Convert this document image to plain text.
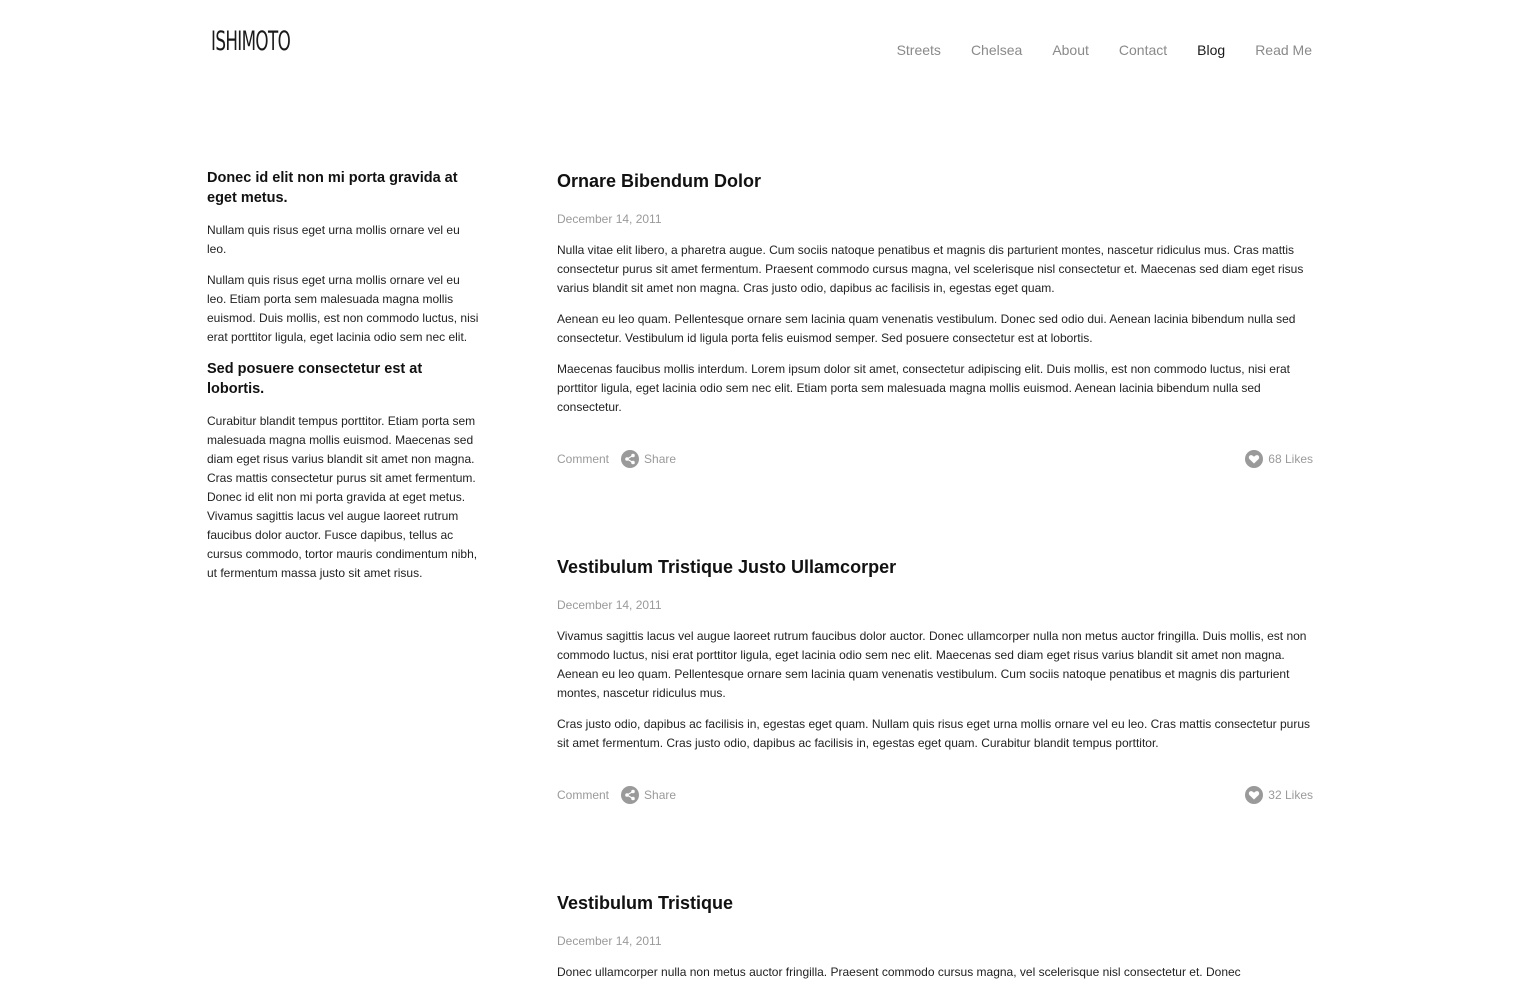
ISHIMOTO	Streets Chelsea About Contact Blog Read Me
Donec id elit non mi porta gravida at eget metus.

Nullam quis risus eget urna mollis ornare vel eu leo.

Nullam quis risus eget urna mollis ornare vel eu leo. Etiam porta sem malesuada magna mollis euismod. Duis mollis, est non commodo luctus, nisi erat porttitor ligula, eget lacinia odio sem nec elit.

Sed posuere consectetur est at lobortis.

Curabitur blandit tempus porttitor. Etiam porta sem malesuada magna mollis euismod. Maecenas sed diam eget risus varius blandit sit amet non magna. Cras mattis consectetur purus sit amet fermentum. Donec id elit non mi porta gravida at eget metus. Vivamus sagittis lacus vel augue laoreet rutrum faucibus dolor auctor. Fusce dapibus, tellus ac cursus commodo, tortor mauris condimentum nibh, ut fermentum massa justo sit amet risus.

Ornare Bibendum Dolor
December 14, 2011

Nulla vitae elit libero, a pharetra augue. Cum sociis natoque penatibus et magnis dis parturient montes, nascetur ridiculus mus. Cras mattis consectetur purus sit amet fermentum. Praesent commodo cursus magna, vel scelerisque nisl consectetur et. Maecenas sed diam eget risus varius blandit sit amet non magna. Cras justo odio, dapibus ac facilisis in, egestas eget quam.

Aenean eu leo quam. Pellentesque ornare sem lacinia quam venenatis vestibulum. Donec sed odio dui. Aenean lacinia bibendum nulla sed consectetur. Vestibulum id ligula porta felis euismod semper. Sed posuere consectetur est at lobortis.

Maecenas faucibus mollis interdum. Lorem ipsum dolor sit amet, consectetur adipiscing elit. Duis mollis, est non commodo luctus, nisi erat porttitor ligula, eget lacinia odio sem nec elit. Etiam porta sem malesuada magna mollis euismod. Aenean lacinia bibendum nulla sed consectetur.

Comment	Share	68 Likes
Vestibulum Tristique Justo Ullamcorper
December 14, 2011

Vivamus sagittis lacus vel augue laoreet rutrum faucibus dolor auctor. Donec ullamcorper nulla non metus auctor fringilla. Duis mollis, est non commodo luctus, nisi erat porttitor ligula, eget lacinia odio sem nec elit. Maecenas sed diam eget risus varius blandit sit amet non magna. Aenean eu leo quam. Pellentesque ornare sem lacinia quam venenatis vestibulum. Cum sociis natoque penatibus et magnis dis parturient montes, nascetur ridiculus mus.

Cras justo odio, dapibus ac facilisis in, egestas eget quam. Nullam quis risus eget urna mollis ornare vel eu leo. Cras mattis consectetur purus sit amet fermentum. Cras justo odio, dapibus ac facilisis in, egestas eget quam. Curabitur blandit tempus porttitor.

Comment	Share	32 Likes
Vestibulum Tristique
December 14, 2011

Donec ullamcorper nulla non metus auctor fringilla. Praesent commodo cursus magna, vel scelerisque nisl consectetur et. Donec
